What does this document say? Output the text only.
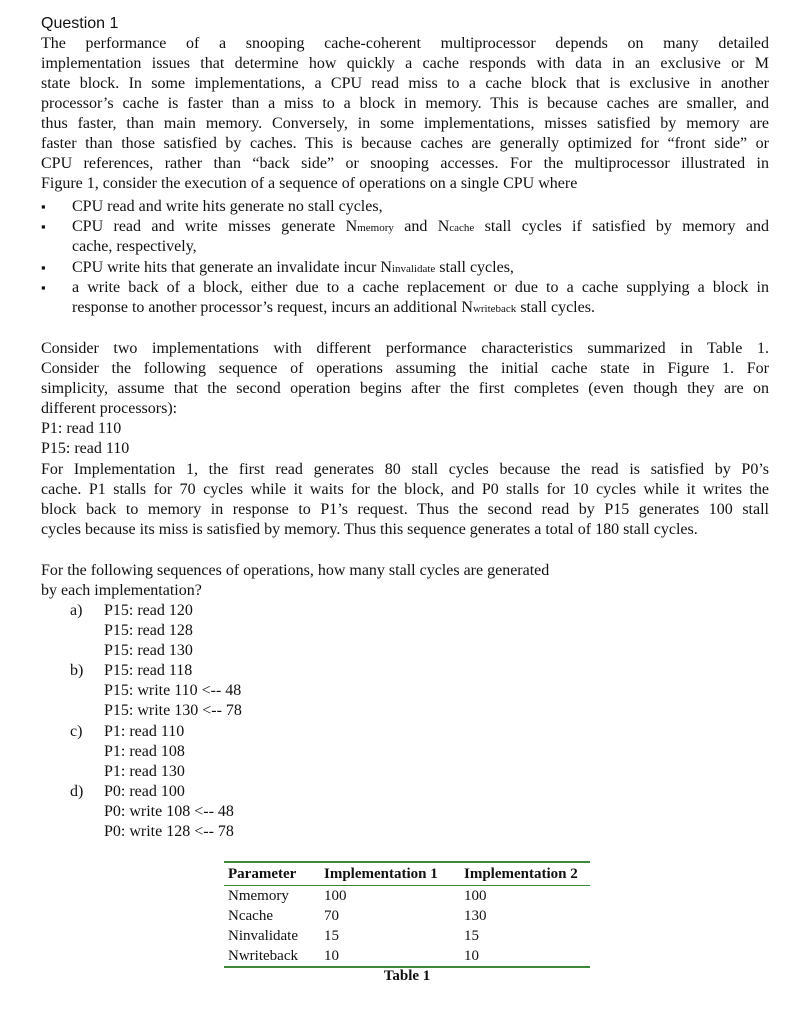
Question 1
The performance of a snooping cache-coherent multiprocessor depends on many detailed
implementation issues that determine how quickly a cache responds with data in an exclusive or M
state block. In some implementations, a CPU read miss to a cache block that is exclusive in another
processor’s cache is faster than a miss to a block in memory. This is because caches are smaller, and
thus faster, than main memory. Conversely, in some implementations, misses satisfied by memory are
faster than those satisfied by caches. This is because caches are generally optimized for “front side” or
CPU references, rather than “back side” or snooping accesses. For the multiprocessor illustrated in
Figure 1, consider the execution of a sequence of operations on a single CPU where
▪ CPU read and write hits generate no stall cycles,
▪ CPU read and write misses generate Nmemory and Ncache stall cycles if satisfied by memory and
cache, respectively,
▪ CPU write hits that generate an invalidate incur Ninvalidate stall cycles,
▪ a write back of a block, either due to a cache replacement or due to a cache supplying a block in
response to another processor’s request, incurs an additional Nwriteback stall cycles.
Consider two implementations with different performance characteristics summarized in Table 1.
Consider the following sequence of operations assuming the initial cache state in Figure 1. For
simplicity, assume that the second operation begins after the first completes (even though they are on
different processors):
P1: read 110
P15: read 110
For Implementation 1, the first read generates 80 stall cycles because the read is satisfied by P0’s
cache. P1 stalls for 70 cycles while it waits for the block, and P0 stalls for 10 cycles while it writes the
block back to memory in response to P1’s request. Thus the second read by P15 generates 100 stall
cycles because its miss is satisfied by memory. Thus this sequence generates a total of 180 stall cycles.
For the following sequences of operations, how many stall cycles are generated
by each implementation?
a) P15: read 120
P15: read 128
P15: read 130
b) P15: read 118
P15: write 110 <-- 48
P15: write 130 <-- 78
c) P1: read 110
P1: read 108
P1: read 130
d) P0: read 100
P0: write 108 <-- 48
P0: write 128 <-- 78
Parameter	Implementation 1	Implementation 2
Nmemory	100	100
Ncache	70	130
Ninvalidate	15	15
Nwriteback	10	10
Table 1
